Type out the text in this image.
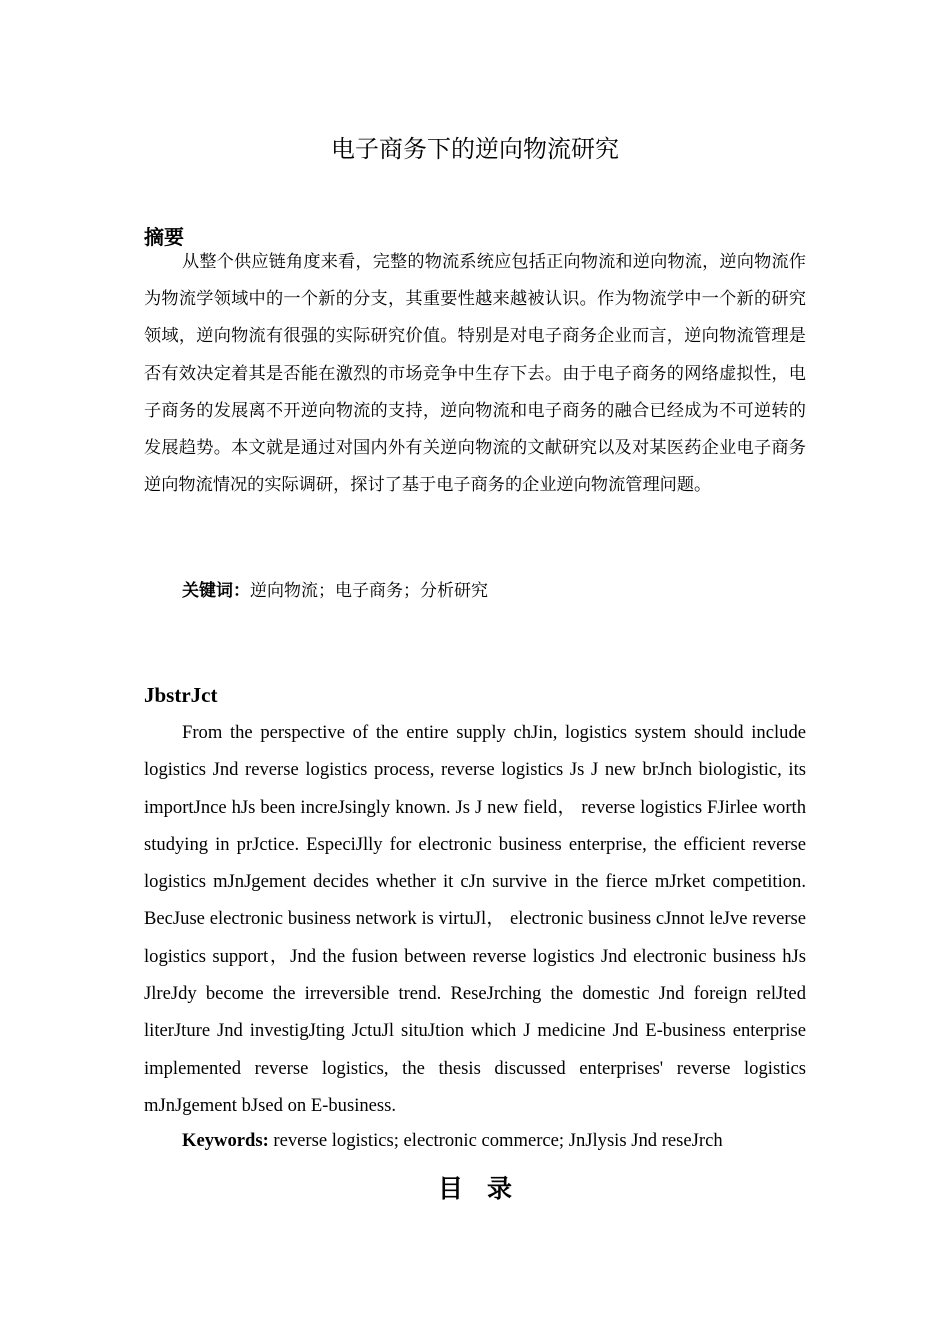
电子商务下的逆向物流研究
摘要

从整个供应链角度来看，完整的物流系统应包括正向物流和逆向物流，逆向物流作为物流学领域中的一个新的分支，其重要性越来越被认识。作为物流学中一个新的研究领域，逆向物流有很强的实际研究价值。特别是对电子商务企业而言，逆向物流管理是否有效决定着其是否能在激烈的市场竞争中生存下去。由于电子商务的网络虚拟性，电子商务的发展离不开逆向物流的支持，逆向物流和电子商务的融合已经成为不可逆转的发展趋势。本文就是通过对国内外有关逆向物流的文献研究以及对某医药企业电子商务逆向物流情况的实际调研，探讨了基于电子商务的企业逆向物流管理问题。

关键词：逆向物流；电子商务；分析研究
JbstrJct

From the perspective of the entire supply chJin, logistics system should include logistics Jnd reverse logistics process, reverse logistics Js J new brJnch biologistic, its importJnce hJs been increJsingly known. Js J new field， reverse logistics FJirlee worth studying in prJctice. EspeciJlly for electronic business enterprise, the efficient reverse logistics mJnJgement decides whether it cJn survive in the fierce mJrket competition. BecJuse electronic business network is virtuJl， electronic business cJnnot leJve reverse logistics support，Jnd the fusion between reverse logistics Jnd electronic business hJs JlreJdy become the irreversible trend. ReseJrching the domestic Jnd foreign relJted literJture Jnd investigJting JctuJl situJtion which J medicine Jnd E-business enterprise implemented reverse logistics, the thesis discussed enterprises' reverse logistics mJnJgement bJsed on E-business.

Keywords: reverse logistics; electronic commerce; JnJlysis Jnd reseJrch
目录
